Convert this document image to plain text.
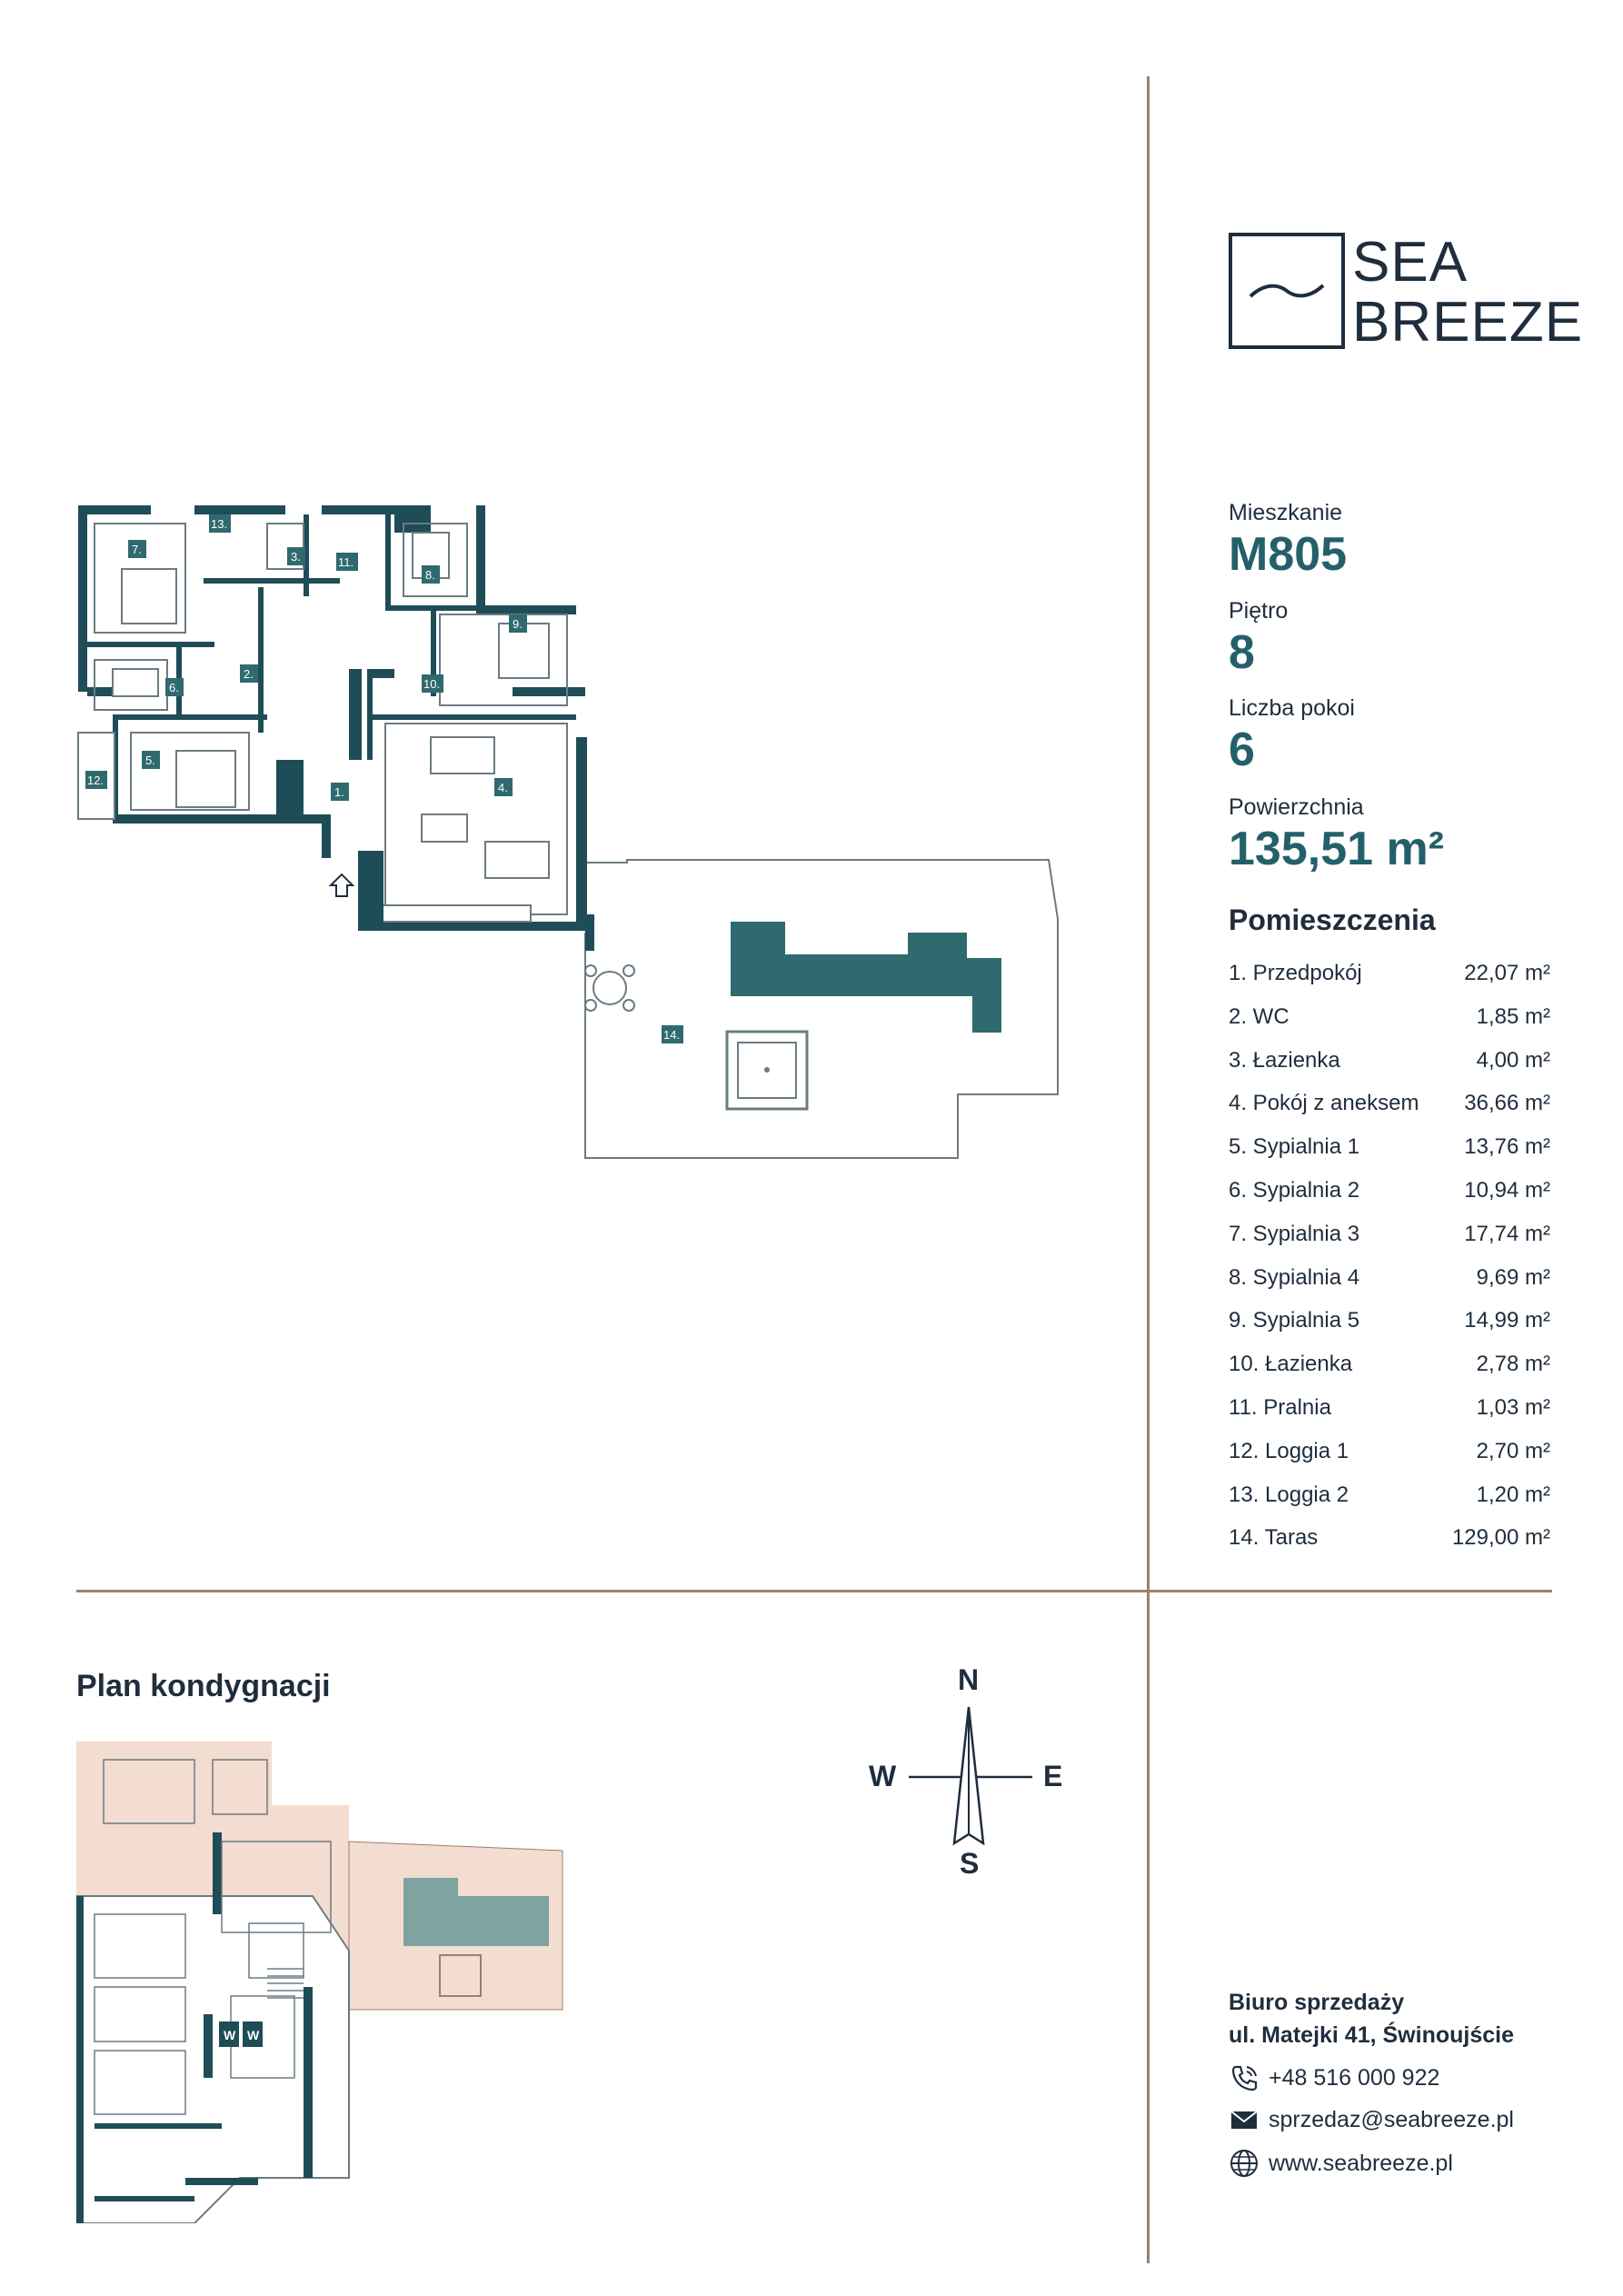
SEA
BREEZE
Mieszkanie
M805
Piętro
8
Liczba pokoi
6
Powierzchnia
135,51 m²
Pomieszczenia
1. Przedpokój	22,07 m²
2. WC	1,85 m²
3. Łazienka	4,00 m²
4. Pokój z aneksem 36,66 m²
5. Sypialnia 1	13,76 m²
6. Sypialnia 2	10,94 m²
7. Sypialnia 3	17,74 m²
8. Sypialnia 4	9,69 m²
9. Sypialnia 5	14,99 m²
10. Łazienka	2,78 m²
11. Pralnia	1,03 m²
12. Loggia 1	2,70 m²
13. Loggia 2	1,20 m²
14. Taras	129,00 m²
1.
2.
3.
4.
5.
6.
7.
8.
9.
10.
11.
12.
13.
14.
Plan kondygnacji
W W
N
S
W	E
Biuro sprzedaży
ul. Matejki 41, Świnoujście
+48 516 000 922
sprzedaz@seabreeze.pl
www.seabreeze.pl
